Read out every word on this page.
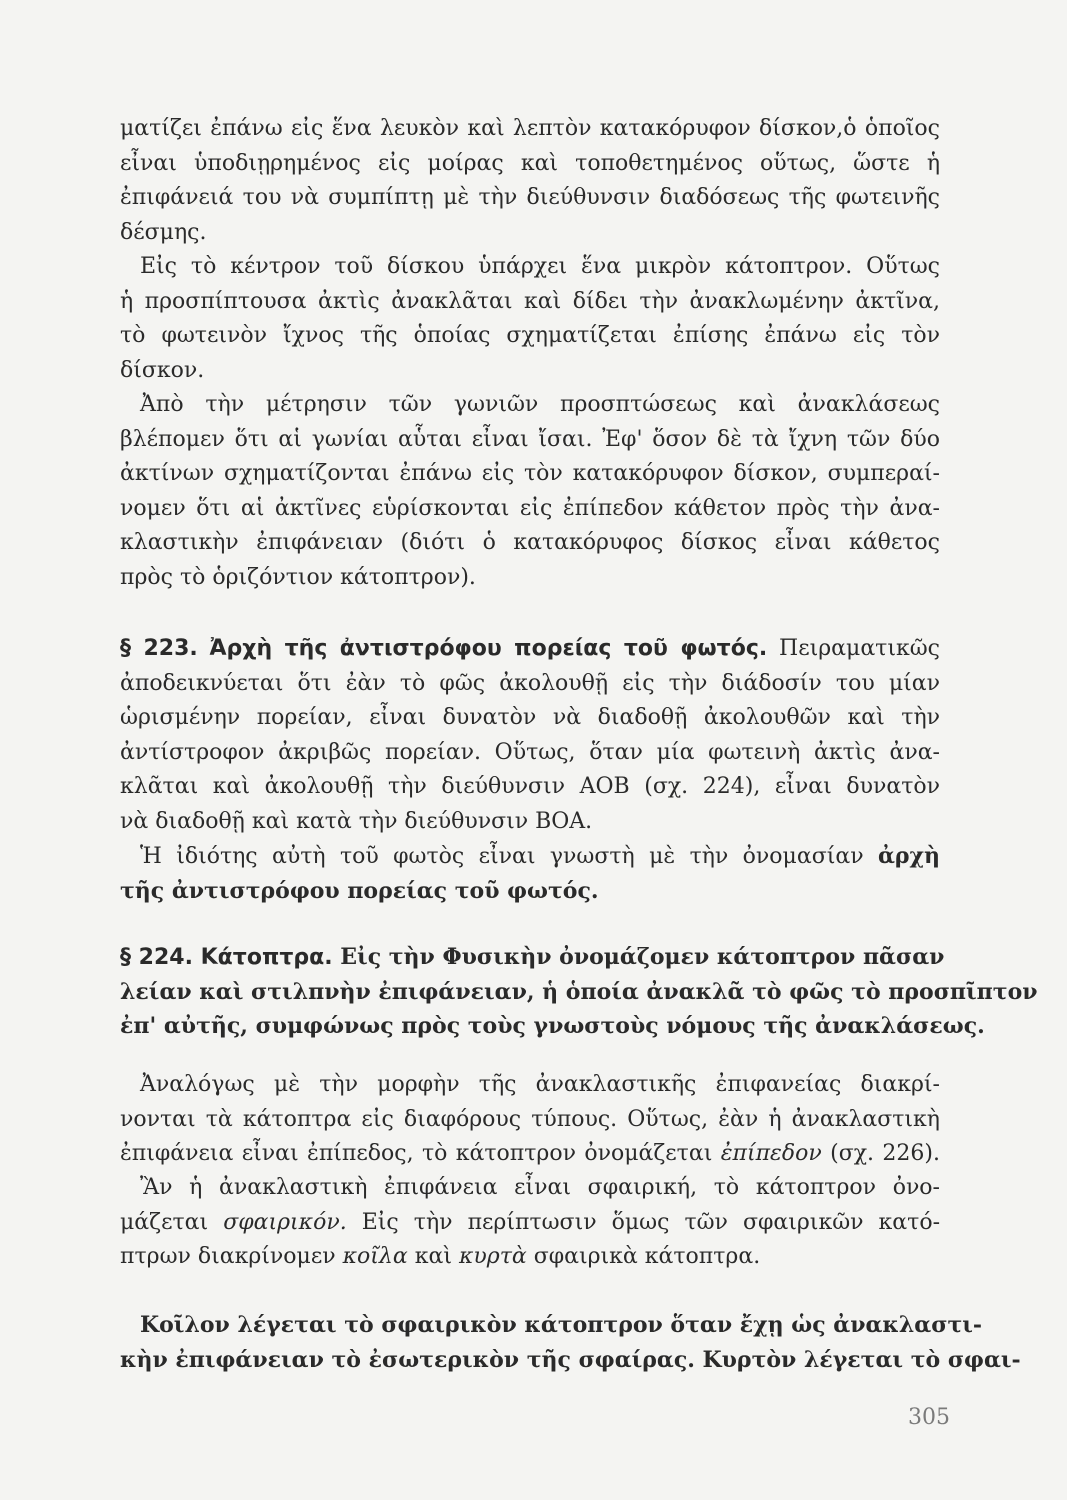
ματίζει ἐπάνω εἰς ἕνα λευκὸν καὶ λεπτὸν κατακόρυφον δίσκον,ὁ ὁποῖος
εἶναι ὑποδιῃρημένος εἰς μοίρας καὶ τοποθετημένος οὕτως, ὥστε ἡ
ἐπιφάνειά του νὰ συμπίπτῃ μὲ τὴν διεύθυνσιν διαδόσεως τῆς φωτεινῆς
δέσμης.
Εἰς τὸ κέντρον τοῦ δίσκου ὑπάρχει ἕνα μικρὸν κάτοπτρον. Οὕτως
ἡ προσπίπτουσα ἀκτὶς ἀνακλᾶται καὶ δίδει τὴν ἀνακλωμένην ἀκτῖνα,
τὸ φωτεινὸν ἴχνος τῆς ὁποίας σχηματίζεται ἐπίσης ἐπάνω εἰς τὸν
δίσκον.
Ἀπὸ τὴν μέτρησιν τῶν γωνιῶν προσπτώσεως καὶ ἀνακλάσεως
βλέπομεν ὅτι αἱ γωνίαι αὗται εἶναι ἴσαι. Ἐφ' ὅσον δὲ τὰ ἴχνη τῶν δύο
ἀκτίνων σχηματίζονται ἐπάνω εἰς τὸν κατακόρυφον δίσκον, συμπεραί-
νομεν ὅτι αἱ ἀκτῖνες εὑρίσκονται εἰς ἐπίπεδον κάθετον πρὸς τὴν ἀνα-
κλαστικὴν ἐπιφάνειαν (διότι ὁ κατακόρυφος δίσκος εἶναι κάθετος
πρὸς τὸ ὁριζόντιον κάτοπτρον).
§ 223. Ἀρχὴ τῆς ἀντιστρόφου πορείας τοῦ φωτός. Πειραματικῶς
ἀποδεικνύεται ὅτι ἐὰν τὸ φῶς ἀκολουθῇ εἰς τὴν διάδοσίν του μίαν
ὡρισμένην πορείαν, εἶναι δυνατὸν νὰ διαδοθῇ ἀκολουθῶν καὶ τὴν
ἀντίστροφον ἀκριβῶς πορείαν. Οὕτως, ὅταν μία φωτεινὴ ἀκτὶς ἀνα-
κλᾶται καὶ ἀκολουθῇ τὴν διεύθυνσιν ΑΟΒ (σχ. 224), εἶναι δυνατὸν
νὰ διαδοθῇ καὶ κατὰ τὴν διεύθυνσιν ΒΟΑ.
Ἡ ἰδιότης αὐτὴ τοῦ φωτὸς εἶναι γνωστὴ μὲ τὴν ὀνομασίαν ἀρχὴ
τῆς ἀντιστρόφου πορείας τοῦ φωτός.
§ 224. Κάτοπτρα. Εἰς τὴν Φυσικὴν ὀνομάζομεν κάτοπτρον πᾶσαν
λείαν καὶ στιλπνὴν ἐπιφάνειαν, ἡ ὁποία ἀνακλᾶ τὸ φῶς τὸ προσπῖπτον
ἐπ' αὐτῆς, συμφώνως πρὸς τοὺς γνωστοὺς νόμους τῆς ἀνακλάσεως.
Ἀναλόγως μὲ τὴν μορφὴν τῆς ἀνακλαστικῆς ἐπιφανείας διακρί-
νονται τὰ κάτοπτρα εἰς διαφόρους τύπους. Οὕτως, ἐὰν ἡ ἀνακλαστικὴ
ἐπιφάνεια εἶναι ἐπίπεδος, τὸ κάτοπτρον ὀνομάζεται ἐπίπεδον (σχ. 226).
Ἂν ἡ ἀνακλαστικὴ ἐπιφάνεια εἶναι σφαιρική, τὸ κάτοπτρον ὀνο-
μάζεται σφαιρικόν. Εἰς τὴν περίπτωσιν ὅμως τῶν σφαιρικῶν κατό-
πτρων διακρίνομεν κοῖλα καὶ κυρτὰ σφαιρικὰ κάτοπτρα.
Κοῖλον λέγεται τὸ σφαιρικὸν κάτοπτρον ὅταν ἔχῃ ὡς ἀνακλαστι-
κὴν ἐπιφάνειαν τὸ ἐσωτερικὸν τῆς σφαίρας. Κυρτὸν λέγεται τὸ σφαι-
305
